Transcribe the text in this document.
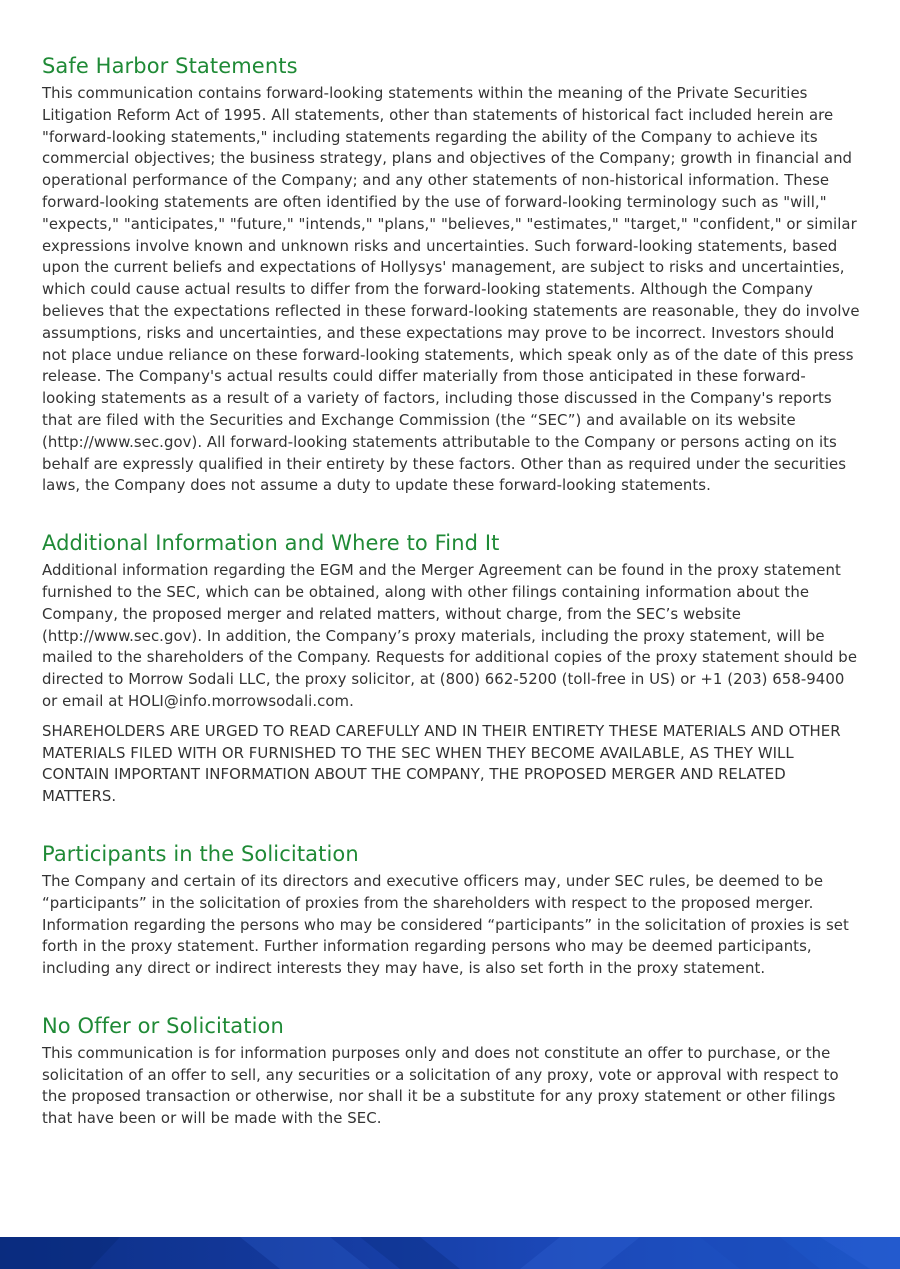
Safe Harbor Statements

This communication contains forward-looking statements within the meaning of the Private Securities Litigation Reform Act of 1995. All statements, other than statements of historical fact included herein are "forward-looking statements," including statements regarding the ability of the Company to achieve its commercial objectives; the business strategy, plans and objectives of the Company; growth in financial and operational performance of the Company; and any other statements of non-historical information. These forward-looking statements are often identified by the use of forward-looking terminology such as "will," "expects," "anticipates," "future," "intends," "plans," "believes," "estimates," "target," "confident," or similar expressions involve known and unknown risks and uncertainties. Such forward-looking statements, based upon the current beliefs and expectations of Hollysys' management, are subject to risks and uncertainties, which could cause actual results to differ from the forward-looking statements. Although the Company believes that the expectations reflected in these forward-looking statements are reasonable, they do involve assumptions, risks and uncertainties, and these expectations may prove to be incorrect. Investors should not place undue reliance on these forward-looking statements, which speak only as of the date of this press release. The Company's actual results could differ materially from those anticipated in these forward-looking statements as a result of a variety of factors, including those discussed in the Company's reports that are filed with the Securities and Exchange Commission (the “SEC”) and available on its website (http://www.sec.gov). All forward-looking statements attributable to the Company or persons acting on its behalf are expressly qualified in their entirety by these factors. Other than as required under the securities laws, the Company does not assume a duty to update these forward-looking statements.

Additional Information and Where to Find It

Additional information regarding the EGM and the Merger Agreement can be found in the proxy statement furnished to the SEC, which can be obtained, along with other filings containing information about the Company, the proposed merger and related matters, without charge, from the SEC’s website (http://www.sec.gov). In addition, the Company’s proxy materials, including the proxy statement, will be mailed to the shareholders of the Company. Requests for additional copies of the proxy statement should be directed to Morrow Sodali LLC, the proxy solicitor, at (800) 662-5200 (toll-free in US) or +1 (203) 658-9400 or email at HOLI@info.morrowsodali.com.

SHAREHOLDERS ARE URGED TO READ CAREFULLY AND IN THEIR ENTIRETY THESE MATERIALS AND OTHER MATERIALS FILED WITH OR FURNISHED TO THE SEC WHEN THEY BECOME AVAILABLE, AS THEY WILL CONTAIN IMPORTANT INFORMATION ABOUT THE COMPANY, THE PROPOSED MERGER AND RELATED MATTERS.

Participants in the Solicitation

The Company and certain of its directors and executive officers may, under SEC rules, be deemed to be “participants” in the solicitation of proxies from the shareholders with respect to the proposed merger. Information regarding the persons who may be considered “participants” in the solicitation of proxies is set forth in the proxy statement. Further information regarding persons who may be deemed participants, including any direct or indirect interests they may have, is also set forth in the proxy statement.

No Offer or Solicitation

This communication is for information purposes only and does not constitute an offer to purchase, or the solicitation of an offer to sell, any securities or a solicitation of any proxy, vote or approval with respect to the proposed transaction or otherwise, nor shall it be a substitute for any proxy statement or other filings that have been or will be made with the SEC.
